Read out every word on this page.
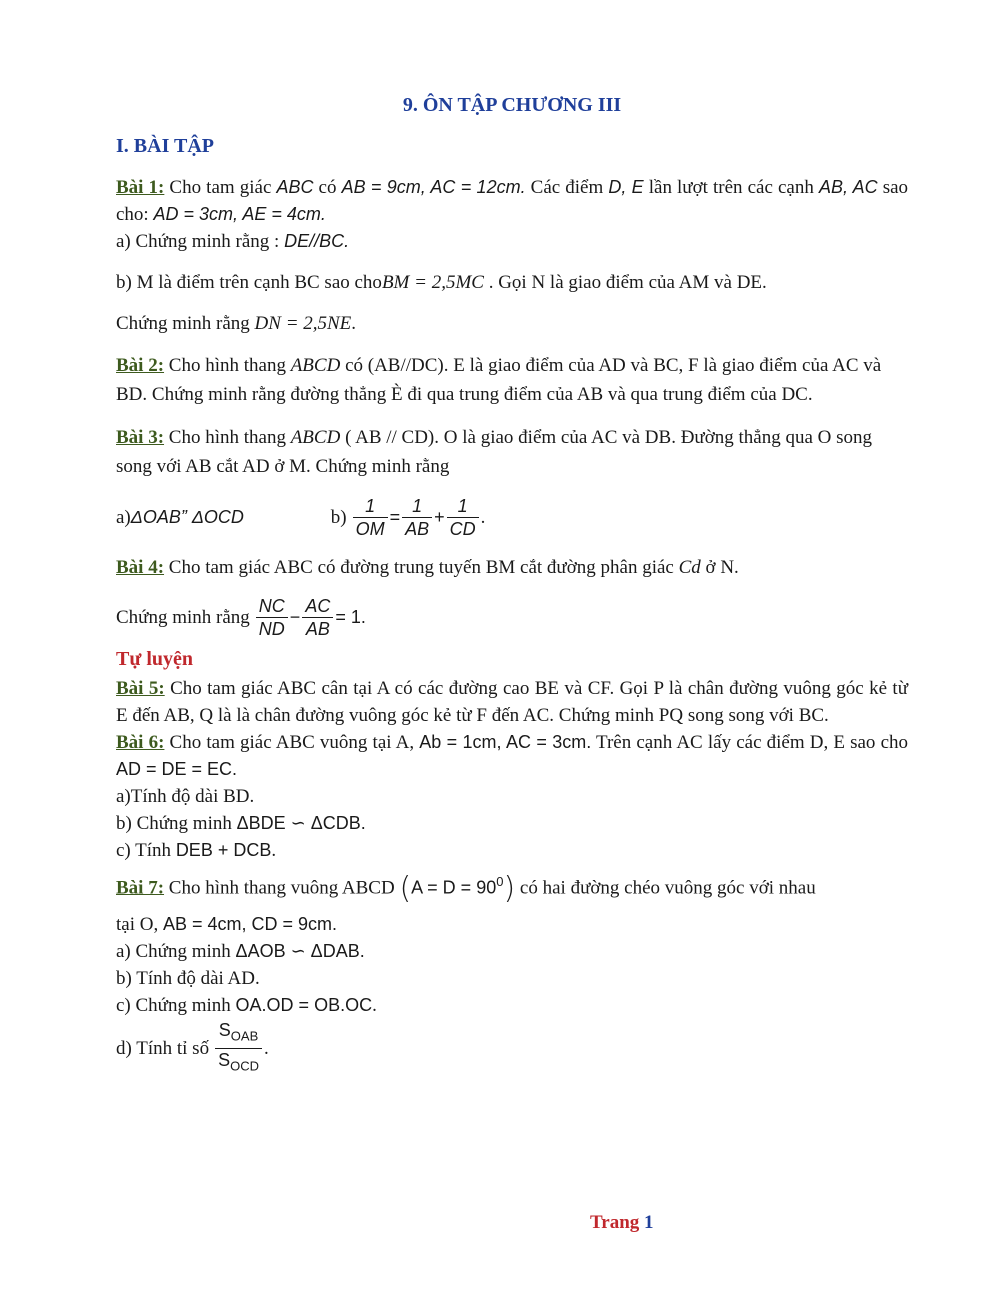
9. ÔN TẬP CHƯƠNG III

I. BÀI TẬP

Bài 1: Cho tam giác ABC có AB = 9cm, AC = 12cm. Các điểm D, E lần lượt trên các cạnh AB, AC sao cho: AD = 3cm, AE = 4cm.

a) Chứng minh rằng : DE//BC.

b) M là điểm trên cạnh BC sao choBM = 2,5MC . Gọi N là giao điểm của AM và DE.

Chứng minh rằng DN = 2,5NE.

Bài 2: Cho hình thang ABCD có (AB//DC). E là giao điểm của AD và BC, F là giao điểm của AC và BD. Chứng minh rằng đường thẳng È đi qua trung điểm của AB và qua trung điểm của DC.

Bài 3: Cho hình thang ABCD ( AB // CD). O là giao điểm của AC và DB. Đường thẳng qua O song song với AB cắt AD ở M. Chứng minh rằng

a) ΔOAB” ΔOCD	$b) \frac{1}{OM} = \frac{1}{AB} + \frac{1}{CD}$ .

Bài 4: Cho tam giác ABC có đường trung tuyến BM cắt đường phân giác Cd ở N.

Chứng minh rằng $\frac{NC}{ND} - \frac{AC}{AB} = 1$.

Tự luyện

Bài 5: Cho tam giác ABC cân tại A có các đường cao BE và CF. Gọi P là chân đường vuông góc kẻ từ E đến AB, Q là là chân đường vuông góc kẻ từ F đến AC. Chứng minh PQ song song với BC.

Bài 6: Cho tam giác ABC vuông tại A, Ab = 1cm, AC = 3cm. Trên cạnh AC lấy các điểm D, E sao cho AD = DE = EC.

a)Tính độ dài BD.

b) Chứng minh ΔBDE ∽ ΔCDB.

c) Tính DEB + DCB.

Bài 7: Cho hình thang vuông ABCD $(A = D = 90^0)$ có hai đường chéo vuông góc với nhau

tại O, AB = 4cm, CD = 9cm.

a) Chứng minh ΔAOB ∽ ΔDAB.

b) Tính độ dài AD.

c) Chứng minh OA.OD = OB.OC.

d) Tính tỉ số $\frac{S_{OAB}}{S_{OCD}}$ .
Trang 1
